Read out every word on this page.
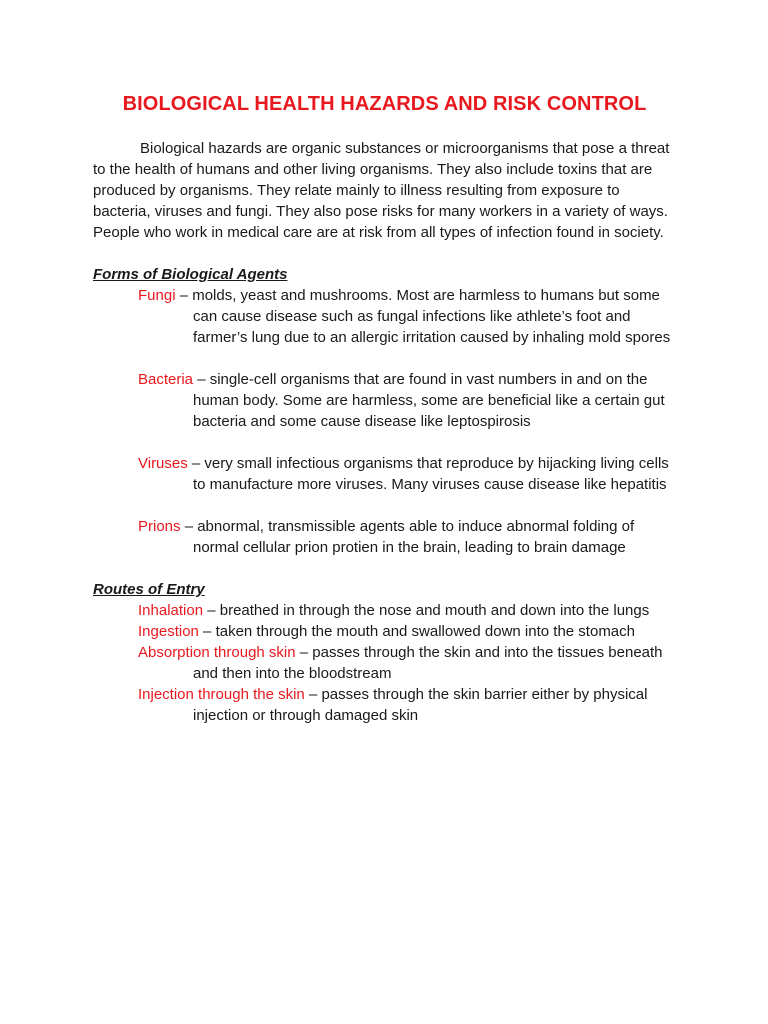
BIOLOGICAL HEALTH HAZARDS AND RISK CONTROL

Biological hazards are organic substances or microorganisms that pose a threat to the health of humans and other living organisms. They also include toxins that are produced by organisms. They relate mainly to illness resulting from exposure to bacteria, viruses and fungi. They also pose risks for many workers in a variety of ways. People who work in medical care are at risk from all types of infection found in society.

Forms of Biological Agents

Fungi – molds, yeast and mushrooms. Most are harmless to humans but some can cause disease such as fungal infections like athlete’s foot and farmer’s lung due to an allergic irritation caused by inhaling mold spores

Bacteria – single-cell organisms that are found in vast numbers in and on the human body. Some are harmless, some are beneficial like a certain gut bacteria and some cause disease like leptospirosis

Viruses – very small infectious organisms that reproduce by hijacking living cells to manufacture more viruses. Many viruses cause disease like hepatitis

Prions – abnormal, transmissible agents able to induce abnormal folding of normal cellular prion protien in the brain, leading to brain damage

Routes of Entry

Inhalation – breathed in through the nose and mouth and down into the lungs

Ingestion – taken through the mouth and swallowed down into the stomach

Absorption through skin – passes through the skin and into the tissues beneath and then into the bloodstream

Injection through the skin – passes through the skin barrier either by physical injection or through damaged skin
